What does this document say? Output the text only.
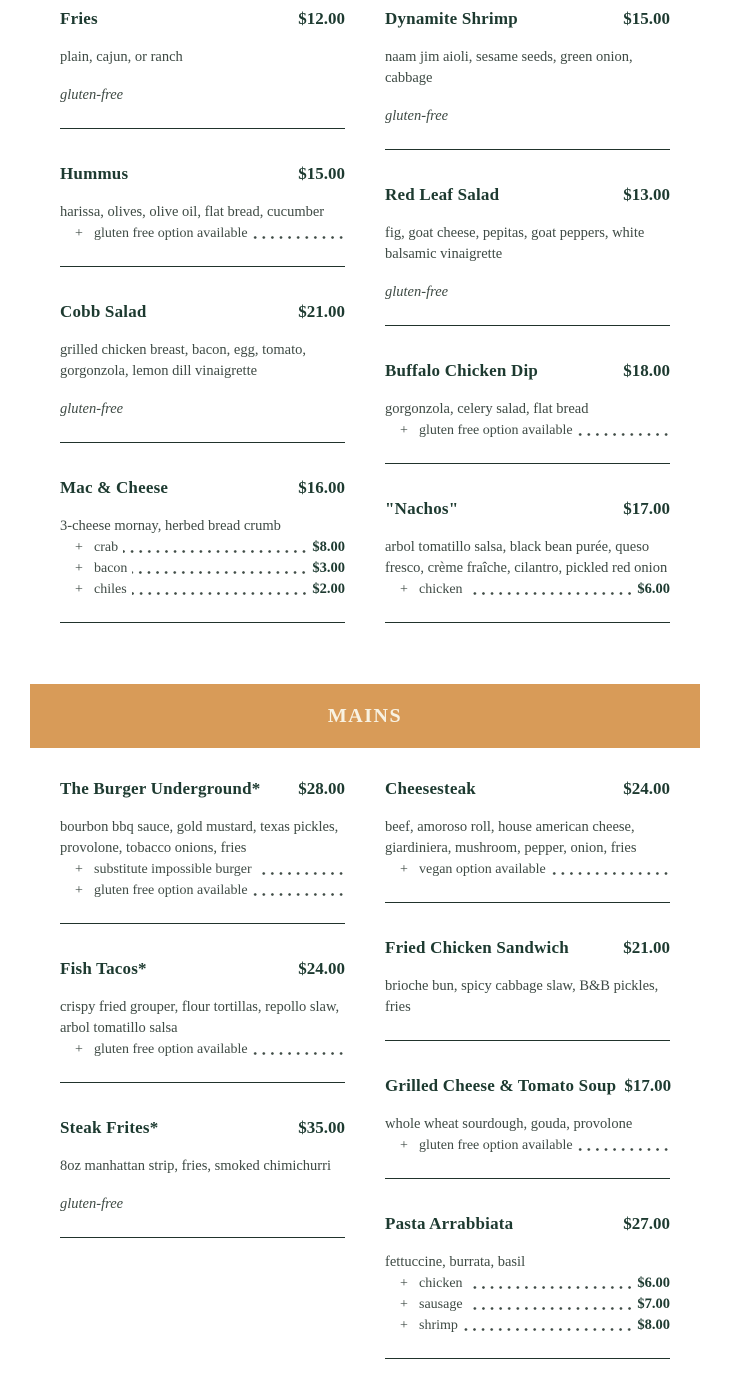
Fries	$12.00

plain, cajun, or ranch

gluten-free

Hummus	$15.00

harissa, olives, olive oil, flat bread, cucumber

+ gluten free option available
Cobb Salad	$21.00

grilled chicken breast, bacon, egg, tomato, gorgonzola, lemon dill vinaigrette

gluten-free

Mac & Cheese	$16.00

3-cheese mornay, herbed bread crumb

+ crab	$8.00
+ bacon	$3.00
+ chiles	$2.00
Dynamite Shrimp	$15.00

naam jim aioli, sesame seeds, green onion, cabbage

gluten-free

Red Leaf Salad	$13.00

fig, goat cheese, pepitas, goat peppers, white balsamic vinaigrette

gluten-free

Buffalo Chicken Dip	$18.00

gorgonzola, celery salad, flat bread

+ gluten free option available
"Nachos"	$17.00

arbol tomatillo salsa, black bean purée, queso fresco, crème fraîche, cilantro, pickled red onion

+ chicken	$6.00
MAINS
The Burger Underground* $28.00

bourbon bbq sauce, gold mustard, texas pickles, provolone, tobacco onions, fries

+ substitute impossible burger
+ gluten free option available
Fish Tacos*	$24.00

crispy fried grouper, flour tortillas, repollo slaw, arbol tomatillo salsa

+ gluten free option available
Steak Frites*	$35.00

8oz manhattan strip, fries, smoked chimichurri

gluten-free

Cheesesteak	$24.00

beef, amoroso roll, house american cheese, giardiniera, mushroom, pepper, onion, fries

+ vegan option available
Fried Chicken Sandwich	$21.00

brioche bun, spicy cabbage slaw, B&B pickles, fries

Grilled Cheese & Tomato Soup $17.00

whole wheat sourdough, gouda, provolone

+ gluten free option available
Pasta Arrabbiata	$27.00

fettuccine, burrata, basil

+ chicken	$6.00
+ sausage	$7.00
+ shrimp	$8.00
